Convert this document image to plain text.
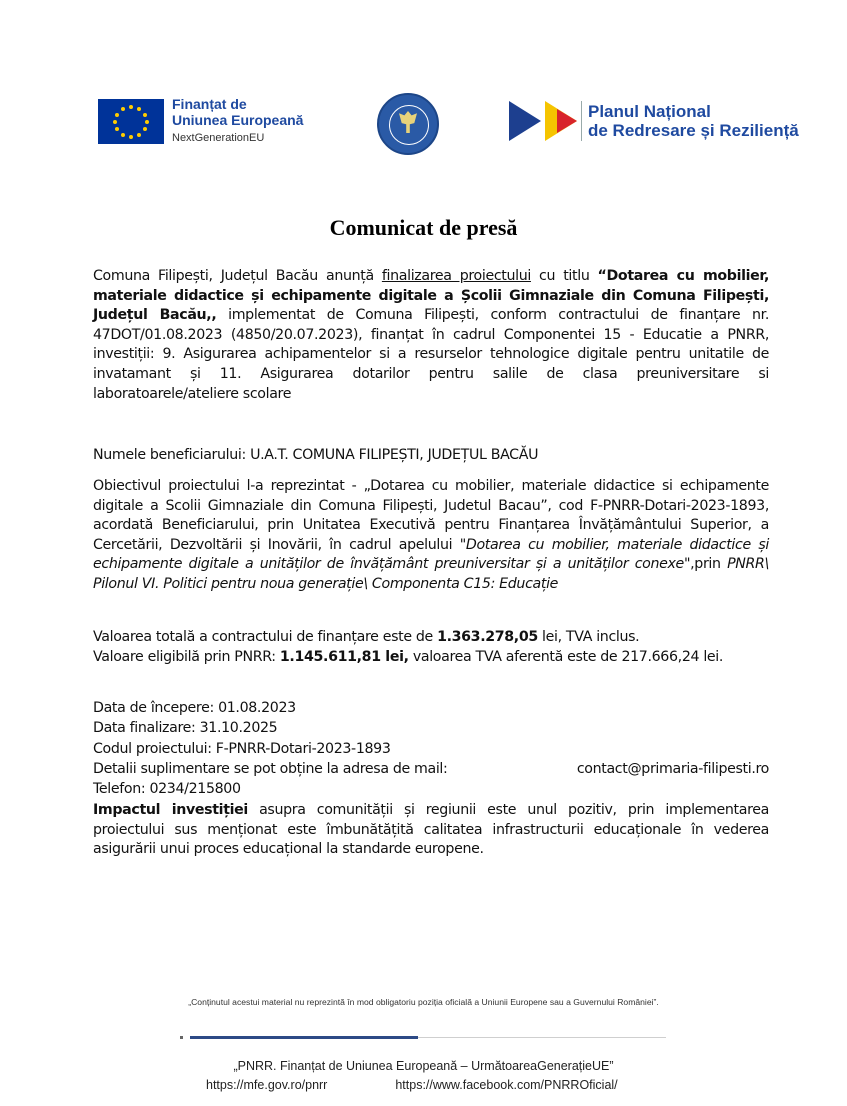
Finanțat de
Uniunea Europeană
NextGenerationEU
Planul Național
de Redresare și Reziliență
Comunicat de presă

Comuna Filipești, Județul Bacău anunță finalizarea proiectului cu titlu “Dotarea cu mobilier, materiale didactice și echipamente digitale a Școlii Gimnaziale din Comuna Filipești, Județul Bacău,, implementat de Comuna Filipești, conform contractului de finanțare nr. 47DOT/01.08.2023 (4850/20.07.2023), finanțat în cadrul Componentei 15 - Educatie a PNRR, investiții: 9. Asigurarea achipamentelor si a resurselor tehnologice digitale pentru unitatile de invatamant și 11. Asigurarea dotarilor pentru salile de clasa preuniversitare si laboratoarele/ateliere scolare

Numele beneficiarului: U.A.T. COMUNA FILIPEȘTI, JUDEȚUL BACĂU

Obiectivul proiectului l-a reprezintat - „Dotarea cu mobilier, materiale didactice si echipamente digitale a Scolii Gimnaziale din Comuna Filipești, Judetul Bacau”, cod F-PNRR-Dotari-2023-1893, acordată Beneficiarului, prin Unitatea Executivă pentru Finanțarea Învățământului Superior, a Cercetării, Dezvoltării și Inovării, în cadrul apelului "Dotarea cu mobilier, materiale didactice și echipamente digitale a unităților de învățământ preuniversitar și a unităților conexe",prin PNRR\ Pilonul VI. Politici pentru noua generație\ Componenta C15: Educație

Valoarea totală a contractului de finanțare este de 1.363.278,05 lei, TVA inclus.

Valoare eligibilă prin PNRR: 1.145.611,81 lei, valoarea TVA aferentă este de 217.666,24 lei.

Data de începere: 01.08.2023

Data finalizare: 31.10.2025

Codul proiectului: F-PNRR-Dotari-2023-1893

Detalii suplimentare se pot obține la adresa de mail:	contact@primaria-filipesti.ro

Telefon: 0234/215800

Impactul investiției asupra comunității și regiunii este unul pozitiv, prin implementarea proiectului sus menționat este îmbunătățită calitatea infrastructurii educaționale în vederea asigurării unui proces educațional la standarde europene.

„Conținutul acestui material nu reprezintă în mod obligatoriu poziția oficială a Uniunii Europene sau a Guvernului României”.
„PNRR. Finanțat de Uniunea Europeană – UrmătoareaGenerațieUE”
https://mfe.gov.ro/pnrr	https://www.facebook.com/PNRROficial/
